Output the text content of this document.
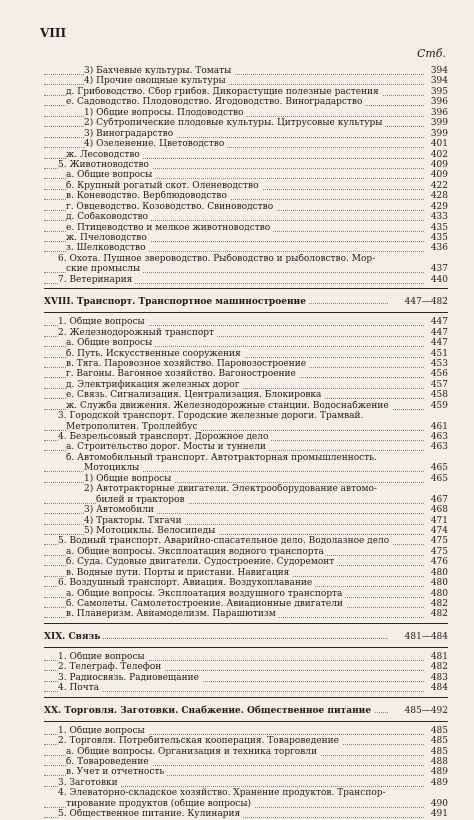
VIII
Стб.
3) Бахчевые культуры. Томаты	394
4) Прочие овощные культуры	394
д. Грибоводство. Сбор грибов. Дикорастущие полезные растения	395
е. Садоводство. Плодоводство. Ягодоводство. Виноградарство	396
1) Общие вопросы. Плодоводство	396
2) Субтропические плодовые культуры. Цитрусовые культуры	399
3) Виноградарство	399
4) Озеленение. Цветоводство	401
ж. Лесоводство	402
5. Животноводство	409
а. Общие вопросы	409
б. Крупный рогатый скот. Оленеводство	422
в. Коневодство. Верблюдоводство	428
г. Овцеводство. Козоводство. Свиноводство	429
д. Собаководство	433
е. Птицеводство и мелкое животноводство	435
ж. Пчеловодство	435
з. Шелководство	436
6. Охота. Пушное звероводство. Рыбоводство и рыболовство. Мор-
ские промыслы	437
7. Ветеринария	440
XVIII. Транспорт. Транспортное машиностроение	447—482
1. Общие вопросы	447
2. Железнодорожный транспорт	447
а. Общие вопросы	447
б. Путь. Искусственные сооружения	451
в. Тяга. Паровозное хозяйство. Паровозостроение	453
г. Вагоны. Вагонное хозяйство. Вагоностроение	456
д. Электрификация железных дорог	457
е. Связь. Сигнализация. Централизация. Блокировка	458
ж. Служба движения. Железнодорожные станции. Водоснабжение	459
3. Городской транспорт. Городские железные дороги. Трамвай.
Метрополитен. Троллейбус	461
4. Безрельсовый транспорт. Дорожное дело	463
а. Строительство дорог. Мосты и туннели	463
б. Автомобильный транспорт. Автотракторная промышленность.
Мотоциклы	465
1) Общие вопросы	465
2) Автотракторные двигатели. Электрооборудование автомо-
билей и тракторов	467
3) Автомобили	468
4) Тракторы. Тягачи	471
5) Мотоциклы. Велосипеды	474
5. Водный транспорт. Аварийно-спасательное дело. Водолазное дело	475
а. Общие вопросы. Эксплоатация водного транспорта	475
б. Суда. Судовые двигатели. Судостроение. Судоремонт	476
в. Водные пути. Порты и пристани. Навигация	480
6. Воздушный транспорт. Авиация. Воздухоплавание	480
а. Общие вопросы. Эксплоатация воздушного транспорта	480
б. Самолеты. Самолетостроение. Авиационные двигатели	482
в. Планеризм. Авиамоделизм. Парашютизм	482
XIX. Связь	481—484
1. Общие вопросы	481
2. Телеграф. Телефон	482
3. Радиосвязь. Радиовещание	483
4. Почта	484
XX. Торговля. Заготовки. Снабжение. Общественное питание	485—492
1. Общие вопросы	485
2. Торговля. Потребительская кооперация. Товароведение	485
а. Общие вопросы. Организация и техника торговли	485
б. Товароведение	488
в. Учет и отчетность	489
3. Заготовки	489
4. Элеваторно-складское хозяйство. Хранение продуктов. Транспор-
тирование продуктов (общие вопросы)	490
5. Общественное питание. Кулинария	491
